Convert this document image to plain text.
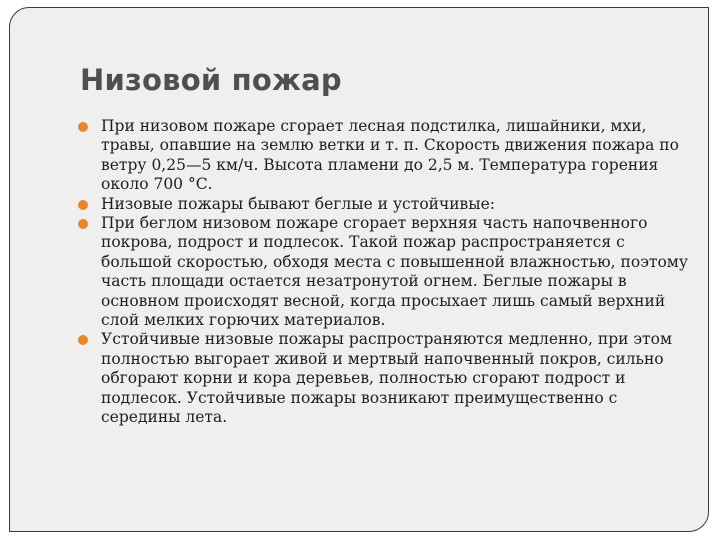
Низовой пожар
При низовом пожаре сгорает лесная подстилка, лишайники, мхи, травы, опавшие на землю ветки и т. п. Скорость движения пожара по ветру 0,25—5 км/ч. Высота пламени до 2,5 м. Температура горения около 700 °С.
Низовые пожары бывают беглые и устойчивые:
При беглом низовом пожаре сгорает верхняя часть напочвенного покрова, подрост и подлесок. Такой пожар распространяется с большой скоростью, обходя места с повышенной влажностью, поэтому часть площади остается незатронутой огнем. Беглые пожары в основном происходят весной, когда просыхает лишь самый верхний слой мелких горючих материалов.
Устойчивые низовые пожары распространяются медленно, при этом полностью выгорает живой и мертвый напочвенный покров, сильно обгорают корни и кора деревьев, полностью сгорают подрост и подлесок. Устойчивые пожары возникают преимущественно с середины лета.
